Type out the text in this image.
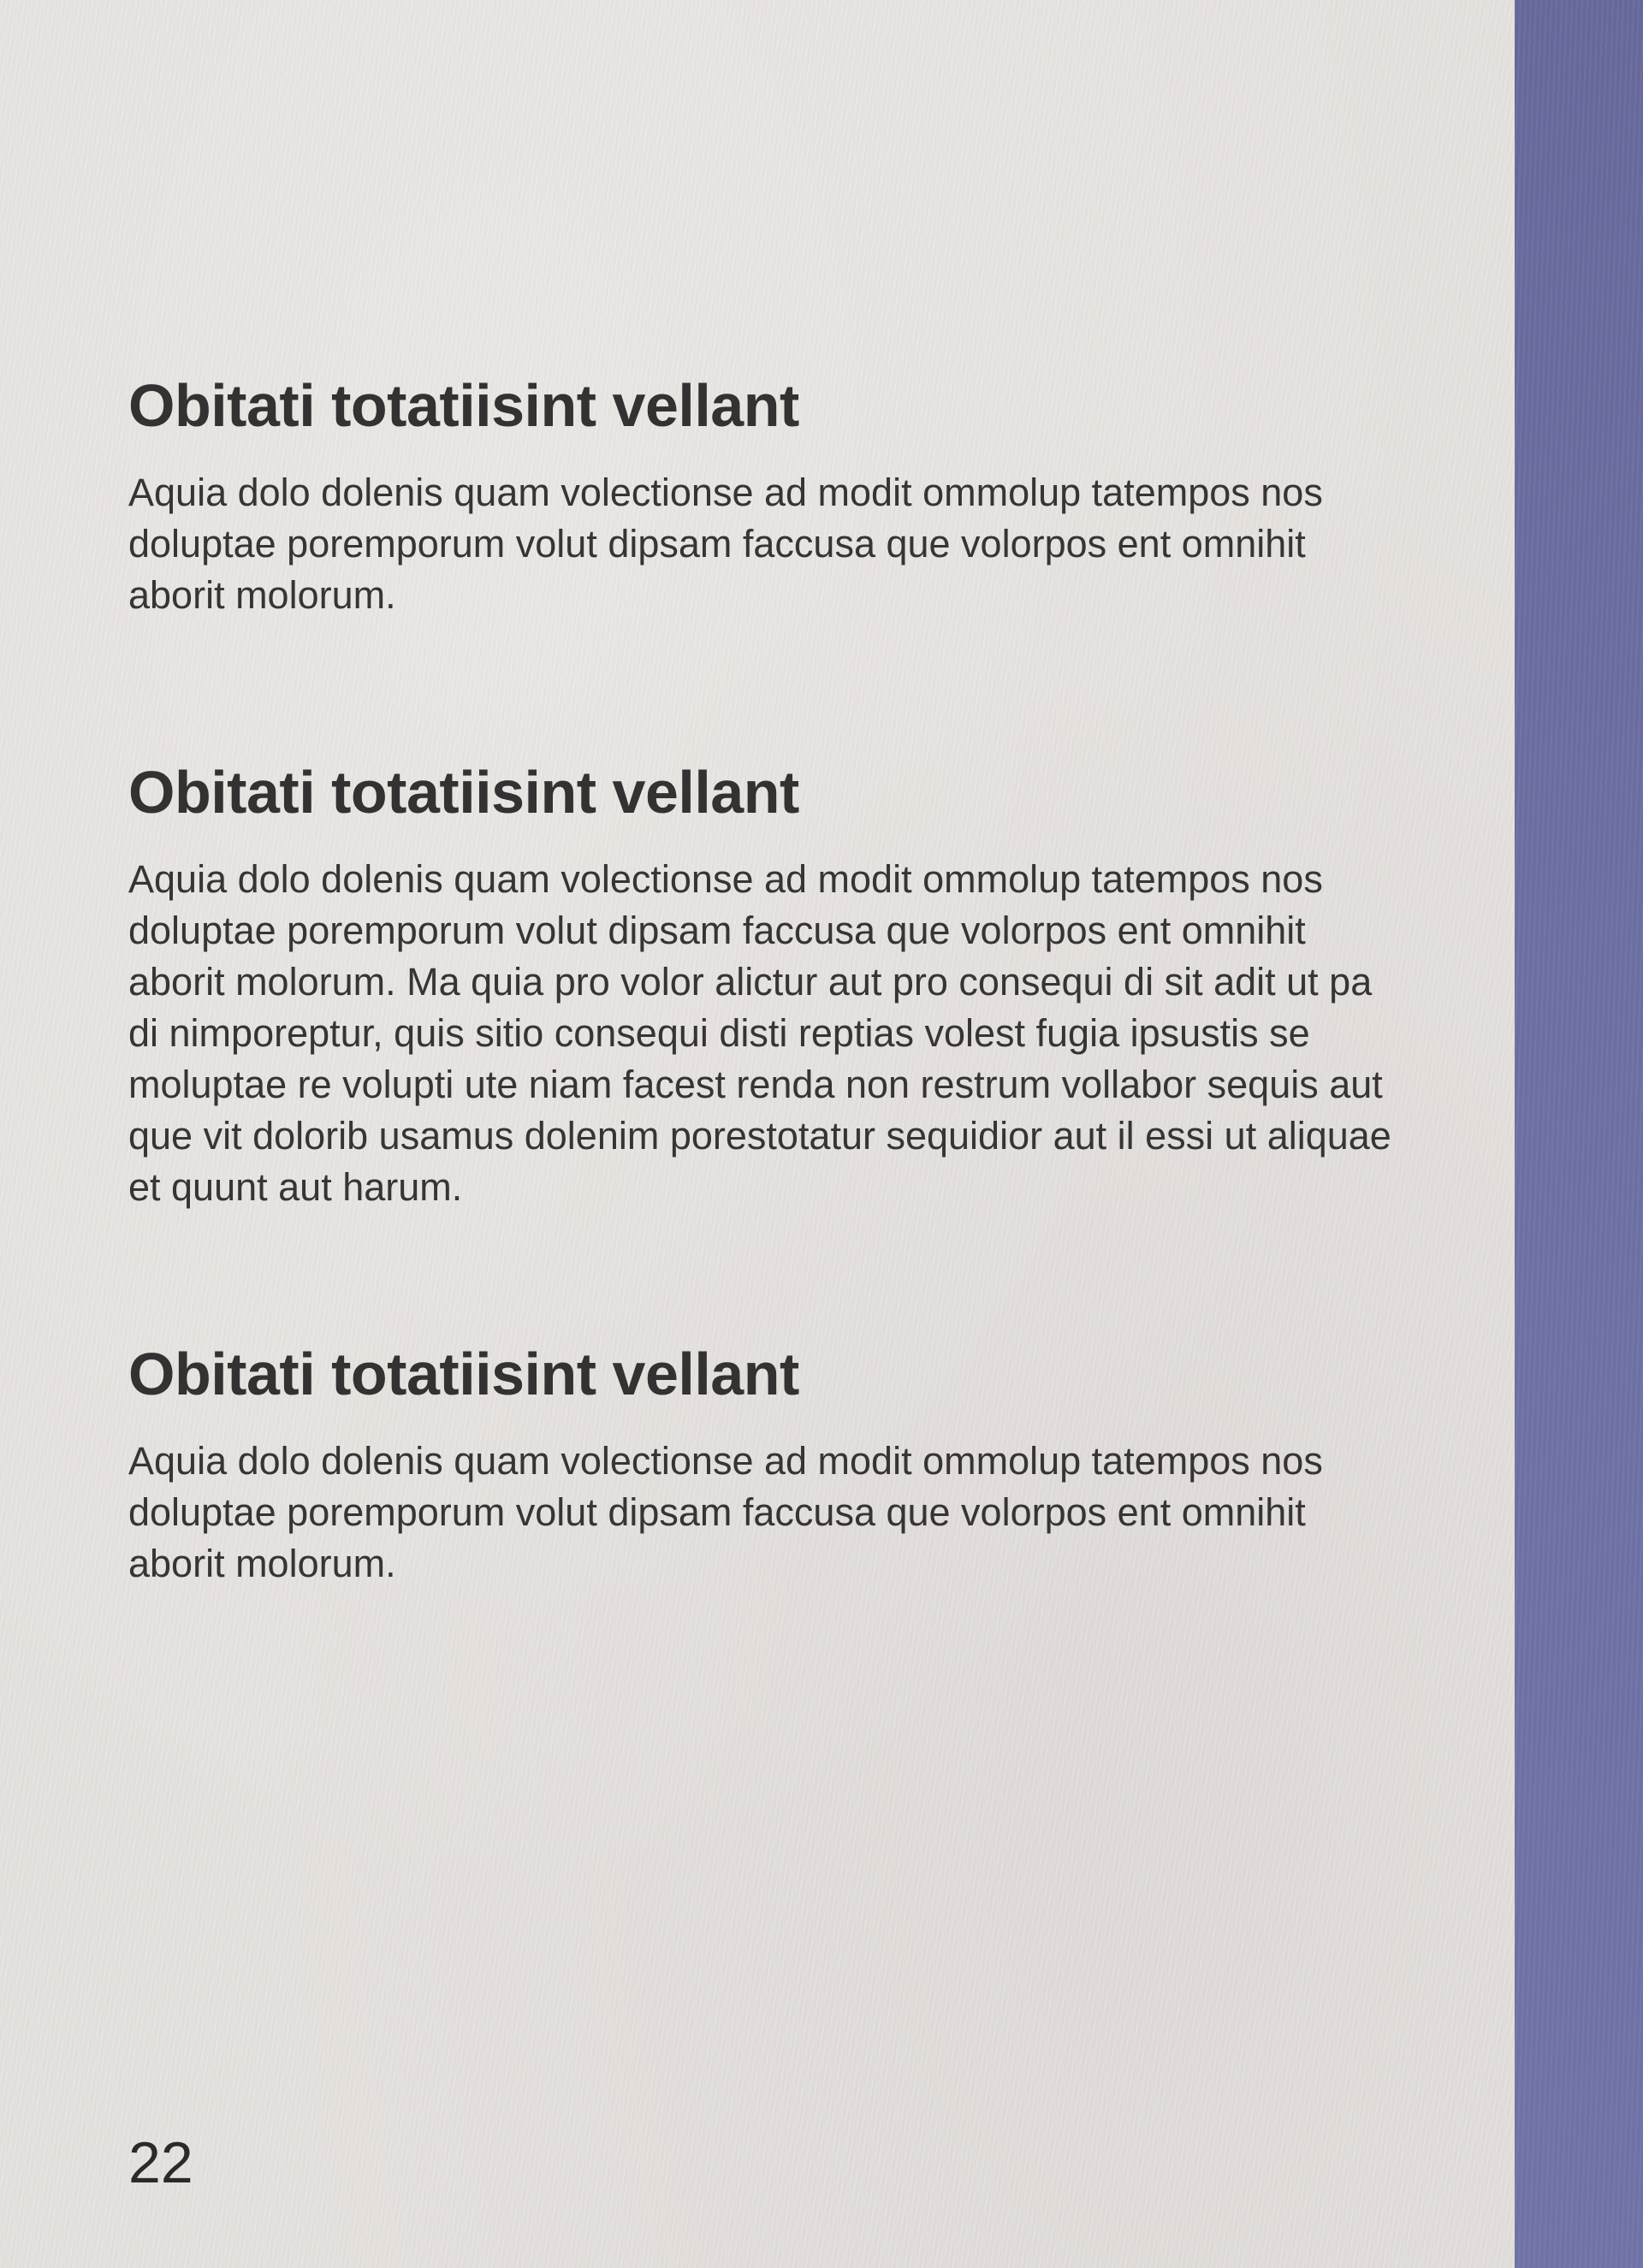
Obitati totatiisint vellant

Aquia dolo dolenis quam volectionse ad modit ommolup tatempos nos doluptae poremporum volut dipsam faccusa que volorpos ent omnihit aborit molorum.

Obitati totatiisint vellant

Aquia dolo dolenis quam volectionse ad modit ommolup tatempos nos doluptae poremporum volut dipsam faccusa que volorpos ent omnihit aborit molorum. Ma quia pro volor alictur aut pro consequi di sit adit ut pa di nimporeptur, quis sitio consequi disti reptias volest fugia ipsustis se moluptae re volupti ute niam facest renda non restrum vollabor sequis aut que vit dolorib usamus dolenim porestotatur sequidior aut il essi ut aliquae et quunt aut harum.

Obitati totatiisint vellant

Aquia dolo dolenis quam volectionse ad modit ommolup tatempos nos doluptae poremporum volut dipsam faccusa que volorpos ent omnihit aborit molorum.

22
